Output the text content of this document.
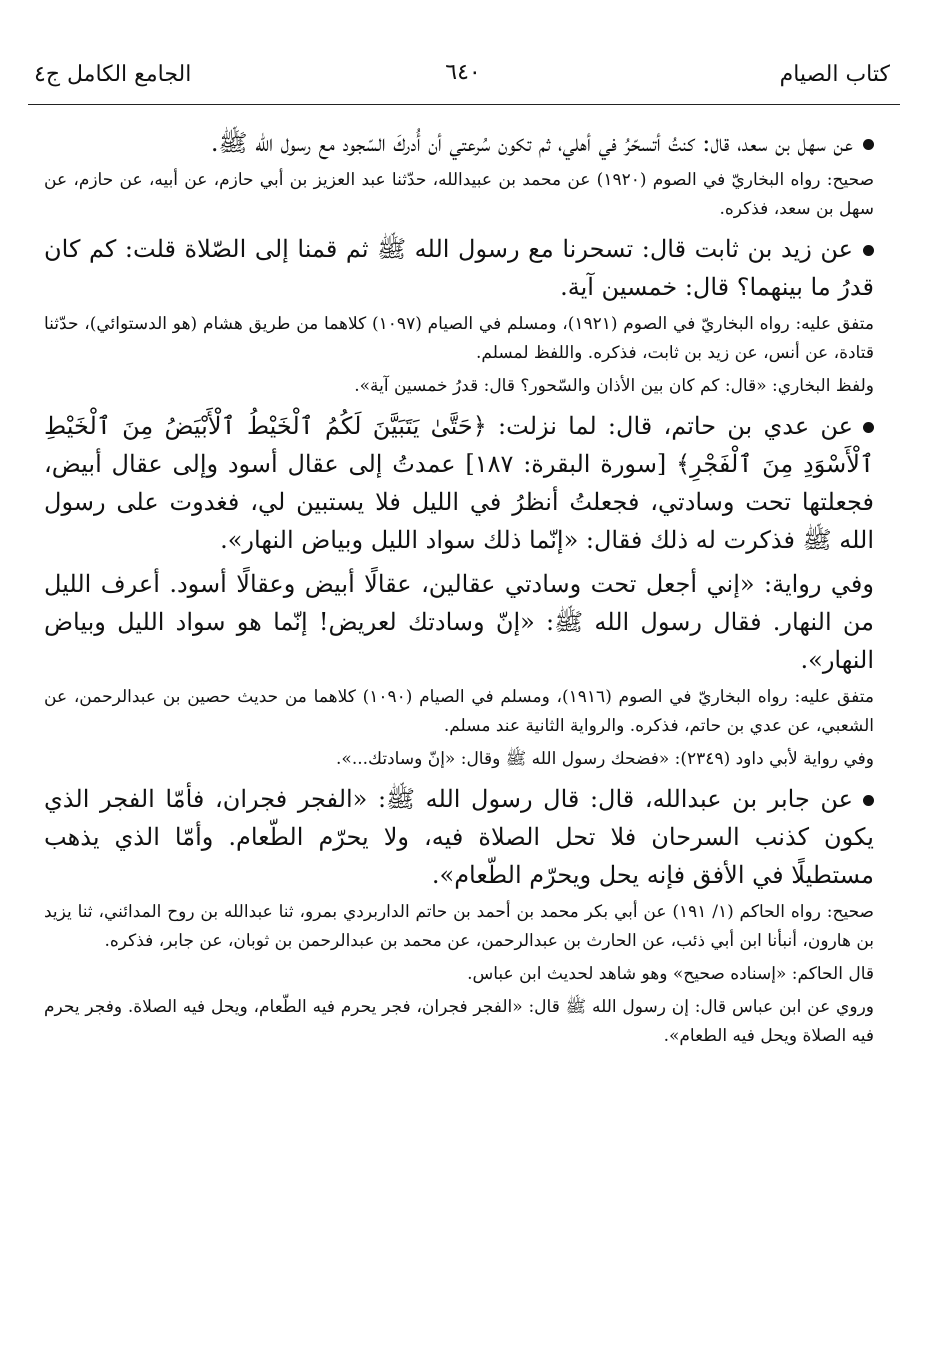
كتاب الصيام
٦٤٠
الجامع الكامل ج٤

عن سهل بن سعد، قال: كنتُ أتسحّرُ في أهلي، ثم تكون سُرعتي أن أُدركَ السّجود مع رسول الله ﷺ.

صحيح: رواه البخاريّ في الصوم (١٩٢٠) عن محمد بن عبيدالله، حدّثنا عبد العزيز بن أبي حازم، عن أبيه، عن حازم، عن سهل بن سعد، فذكره.

عن زيد بن ثابت قال: تسحرنا مع رسول الله ﷺ ثم قمنا إلى الصّلاة قلت: كم كان قدرُ ما بينهما؟ قال: خمسين آية.

متفق عليه: رواه البخاريّ في الصوم (١٩٢١)، ومسلم في الصيام (١٠٩٧) كلاهما من طريق هشام (هو الدستوائي)، حدّثنا قتادة، عن أنس، عن زيد بن ثابت، فذكره. واللفظ لمسلم.

ولفظ البخاري: «قال: كم كان بين الأذان والسّحور؟ قال: قدرُ خمسين آية».

عن عدي بن حاتم، قال: لما نزلت: ﴿حَتَّىٰ يَتَبَيَّنَ لَكُمُ ٱلْخَيْطُ ٱلْأَبْيَضُ مِنَ ٱلْخَيْطِ ٱلْأَسْوَدِ مِنَ ٱلْفَجْرِ﴾ [سورة البقرة: ١٨٧] عمدتُ إلى عقال أسود وإلى عقال أبيض، فجعلتها تحت وسادتي، فجعلتُ أنظرُ في الليل فلا يستبين لي، فغدوت على رسول الله ﷺ فذكرت له ذلك فقال: «إنّما ذلك سواد الليل وبياض النهار».

وفي رواية: «إني أجعل تحت وسادتي عقالين، عقالًا أبيض وعقالًا أسود. أعرف الليل من النهار. فقال رسول الله ﷺ: «إنّ وسادتك لعريض! إنّما هو سواد الليل وبياض النهار».

متفق عليه: رواه البخاريّ في الصوم (١٩١٦)، ومسلم في الصيام (١٠٩٠) كلاهما من حديث حصين بن عبدالرحمن، عن الشعبي، عن عدي بن حاتم، فذكره. والرواية الثانية عند مسلم.

وفي رواية لأبي داود (٢٣٤٩): «فضحك رسول الله ﷺ وقال: «إنّ وسادتك...».

عن جابر بن عبدالله، قال: قال رسول الله ﷺ: «الفجر فجران، فأمّا الفجر الذي يكون كذنب السرحان فلا تحل الصلاة فيه، ولا يحرّم الطّعام. وأمّا الذي يذهب مستطيلًا في الأفق فإنه يحل ويحرّم الطّعام».

صحيح: رواه الحاكم (١/ ١٩١) عن أبي بكر محمد بن أحمد بن حاتم الداربردي بمرو، ثنا عبدالله بن روح المدائني، ثنا يزيد بن هارون، أنبأنا ابن أبي ذئب، عن الحارث بن عبدالرحمن، عن محمد بن عبدالرحمن بن ثوبان، عن جابر، فذكره.

قال الحاكم: «إسناده صحيح» وهو شاهد لحديث ابن عباس.

وروي عن ابن عباس قال: إن رسول الله ﷺ قال: «الفجر فجران، فجر يحرم فيه الطّعام، ويحل فيه الصلاة. وفجر يحرم فيه الصلاة ويحل فيه الطعام».
